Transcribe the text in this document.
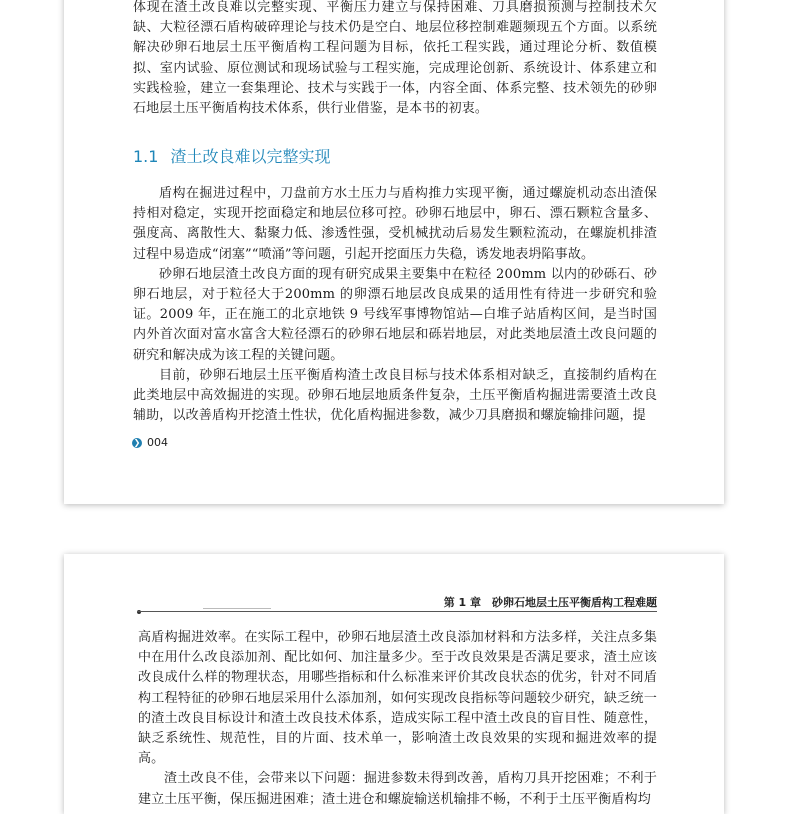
体现在渣土改良难以完整实现、平衡压力建立与保持困难、刀具磨损预测与控制技术欠缺、大粒径漂石盾构破碎理论与技术仍是空白、地层位移控制难题频现五个方面。以系统解决砂卵石地层土压平衡盾构工程问题为目标，依托工程实践，通过理论分析、数值模拟、室内试验、原位测试和现场试验与工程实施，完成理论创新、系统设计、体系建立和实践检验，建立一套集理论、技术与实践于一体，内容全面、体系完整、技术领先的砂卵石地层土压平衡盾构技术体系，供行业借鉴，是本书的初衷。

1.1 渣土改良难以完整实现

盾构在掘进过程中，刀盘前方水土压力与盾构推力实现平衡，通过螺旋机动态出渣保持相对稳定，实现开挖面稳定和地层位移可控。砂卵石地层中，卵石、漂石颗粒含量多、强度高、离散性大、黏聚力低、渗透性强，受机械扰动后易发生颗粒流动，在螺旋机排渣过程中易造成“闭塞”“喷涌”等问题，引起开挖面压力失稳，诱发地表坍陷事故。

砂卵石地层渣土改良方面的现有研究成果主要集中在粒径 200mm 以内的砂砾石、砂卵石地层，对于粒径大于200mm 的卵漂石地层改良成果的适用性有待进一步研究和验证。2009 年，正在施工的北京地铁 9 号线军事博物馆站—白堆子站盾构区间，是当时国内外首次面对富水富含大粒径漂石的砂卵石地层和砾岩地层，对此类地层渣土改良问题的研究和解决成为该工程的关键问题。

目前，砂卵石地层土压平衡盾构渣土改良目标与技术体系相对缺乏，直接制约盾构在此类地层中高效掘进的实现。砂卵石地层地质条件复杂，土压平衡盾构掘进需要渣土改良辅助，以改善盾构开挖渣土性状，优化盾构掘进参数，减少刀具磨损和螺旋输排问题，提

❯ 004
第 1 章　砂卵石地层土压平衡盾构工程难题

高盾构掘进效率。在实际工程中，砂卵石地层渣土改良添加材料和方法多样，关注点多集中在用什么改良添加剂、配比如何、加注量多少。至于改良效果是否满足要求，渣土应该改良成什么样的物理状态，用哪些指标和什么标准来评价其改良状态的优劣，针对不同盾构工程特征的砂卵石地层采用什么添加剂，如何实现改良指标等问题较少研究，缺乏统一的渣土改良目标设计和渣土改良技术体系，造成实际工程中渣土改良的盲目性、随意性，缺乏系统性、规范性，目的片面、技术单一，影响渣土改良效果的实现和掘进效率的提高。

渣土改良不佳，会带来以下问题：掘进参数未得到改善，盾构刀具开挖困难；不利于建立土压平衡，保压掘进困难；渣土进仓和螺旋输送机输排不畅，不利于土压平衡盾构均
